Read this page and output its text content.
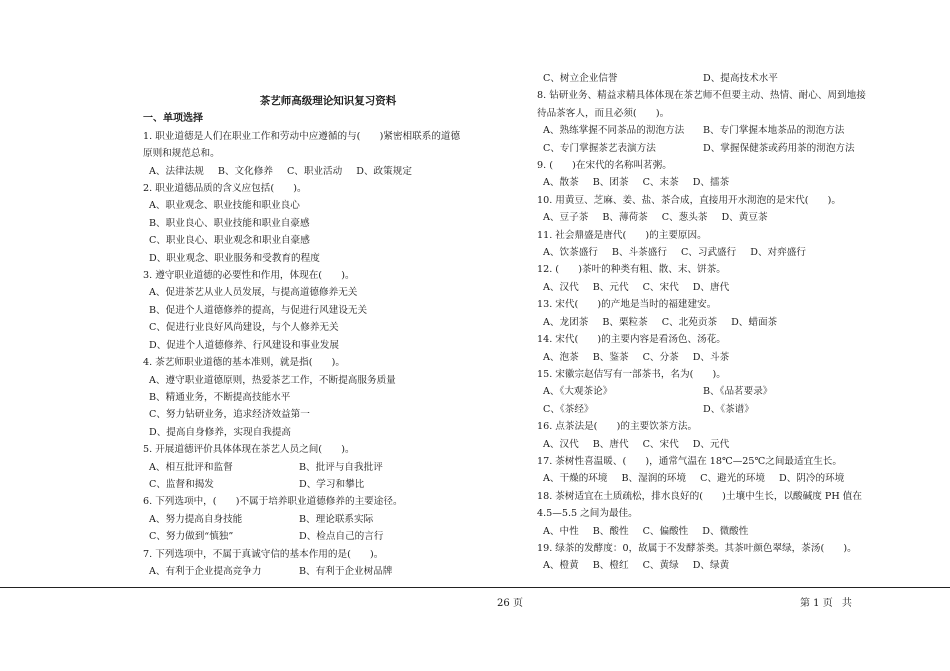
茶艺师高级理论知识复习资料
一、单项选择
1. 职业道德是人们在职业工作和劳动中应遵循的与(　　)紧密相联系的道德
原则和规范总和。
A、法律法规 B、文化修养 C、职业活动 D、政策规定
2. 职业道德品质的含义应包括(　　)。
A、职业观念、职业技能和职业良心
B、职业良心、职业技能和职业自豪感
C、职业良心、职业观念和职业自豪感
D、职业观念、职业服务和受教育的程度
3. 遵守职业道德的必要性和作用，体现在(　　)。
A、促进茶艺从业人员发展，与提高道德修养无关
B、促进个人道德修养的提高，与促进行风建设无关
C、促进行业良好风尚建设，与个人修养无关
D、促进个人道德修养、行风建设和事业发展
4. 茶艺师职业道德的基本准则，就是指(　　)。
A、遵守职业道德原则，热爱茶艺工作，不断提高服务质量
B、精通业务，不断提高技能水平
C、努力钻研业务，追求经济效益第一
D、提高自身修养，实现自我提高
5. 开展道德评价具体体现在茶艺人员之间(　　)。
A、相互批评和监督	B、批评与自我批评
C、监督和揭发	D、学习和攀比
6. 下列选项中，(　　)不属于培养职业道德修养的主要途径。
A、努力提高自身技能	B、理论联系实际
C、努力做到“慎独”	D、检点自己的言行
7. 下列选项中，不属于真诚守信的基本作用的是(　　)。
A、有利于企业提高竞争力	B、有利于企业树品牌
C、树立企业信誉	D、提高技术水平
8. 钻研业务、精益求精具体体现在茶艺师不但要主动、热情、耐心、周到地接
待品茶客人，而且必须(　　)。
A、熟练掌握不同茶品的沏泡方法 B、专门掌握本地茶品的沏泡方法
C、专门掌握茶艺表演方法	D、掌握保健茶或药用茶的沏泡方法
9. (　　)在宋代的名称叫茗粥。
A、散茶 B、团茶 C、末茶 D、擂茶
10. 用黄豆、芝麻、姜、盐、茶合成，直接用开水沏泡的是宋代(　　)。
A、豆子茶 B、薄荷茶 C、葱头茶 D、黄豆茶
11. 社会鼎盛是唐代(　　)的主要原因。
A、饮茶盛行 B、斗茶盛行 C、习武盛行 D、对弈盛行
12. (　　)茶叶的种类有粗、散、末、饼茶。
A、汉代 B、元代 C、宋代 D、唐代
13. 宋代(　　)的产地是当时的福建建安。
A、龙团茶 B、栗粒茶 C、北苑贡茶 D、蜡面茶
14. 宋代(　　)的主要内容是看汤色、汤花。
A、泡茶 B、鉴茶 C、分茶 D、斗茶
15. 宋徽宗赵佶写有一部茶书，名为(　　)。
A、《大观茶论》	B、《品茗要录》
C、《茶经》	D、《茶谱》
16. 点茶法是(　　)的主要饮茶方法。
A、汉代 B、唐代 C、宋代 D、元代
17. 茶树性喜温暖、(　　)，通常气温在 18℃—25℃之间最适宜生长。
A、干燥的环境 B、湿润的环境 C、避光的环境 D、阴冷的环境
18. 茶树适宜在土质疏松，排水良好的(　　)土壤中生长，以酸碱度 PH 值在
4.5—5.5 之间为最佳。
A、中性 B、酸性 C、偏酸性 D、微酸性
19. 绿茶的发酵度：0，故属于不发酵茶类。其茶叶颜色翠绿，茶汤(　　)。
A、橙黄 B、橙红 C、黄绿 D、绿黄
26 页	第 1 页 共
